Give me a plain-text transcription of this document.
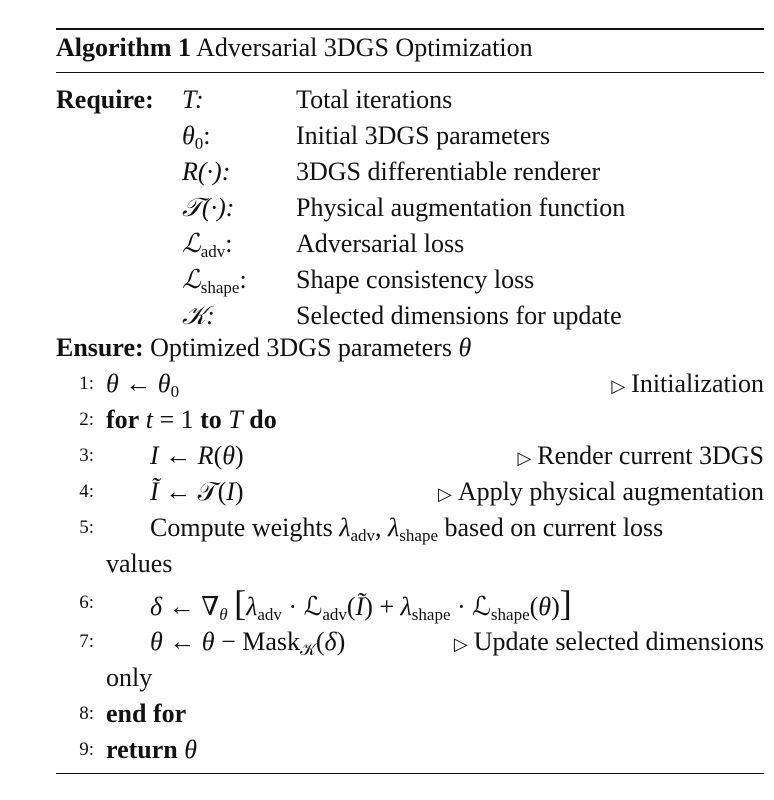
Algorithm 1 Adversarial 3DGS Optimization
Require: T:	Total iterations
$\theta_0$:	Initial 3DGS parameters
R(·):	3DGS differentiable renderer
𝒯(·): Physical augmentation function
ℒ$_{adv}$: Adversarial loss
ℒ$_{shape}$: Shape consistency loss
𝒦:	Selected dimensions for update
Ensure: Optimized 3DGS parameters θ
1: θ ← $\theta_0$	▷ Initialization
2: for t = 1 to T do
3: I ← R(θ)	▷ Render current 3DGS
4: Ĩ ← 𝒯(I)	▷ Apply physical augmentation
5: Compute weights $\lambda_{adv}$, $\lambda_{shape}$ based on current loss
values
6: δ ← $\nabla_\theta$ [$\lambda_{adv}$ · ℒ$_{adv}$(Ĩ) + $\lambda_{shape}$ · ℒ$_{shape}$(θ)]
7: θ ← θ − Mask$_𝒦$(δ)	▷ Update selected dimensions
only
8: end for
9: return θ
